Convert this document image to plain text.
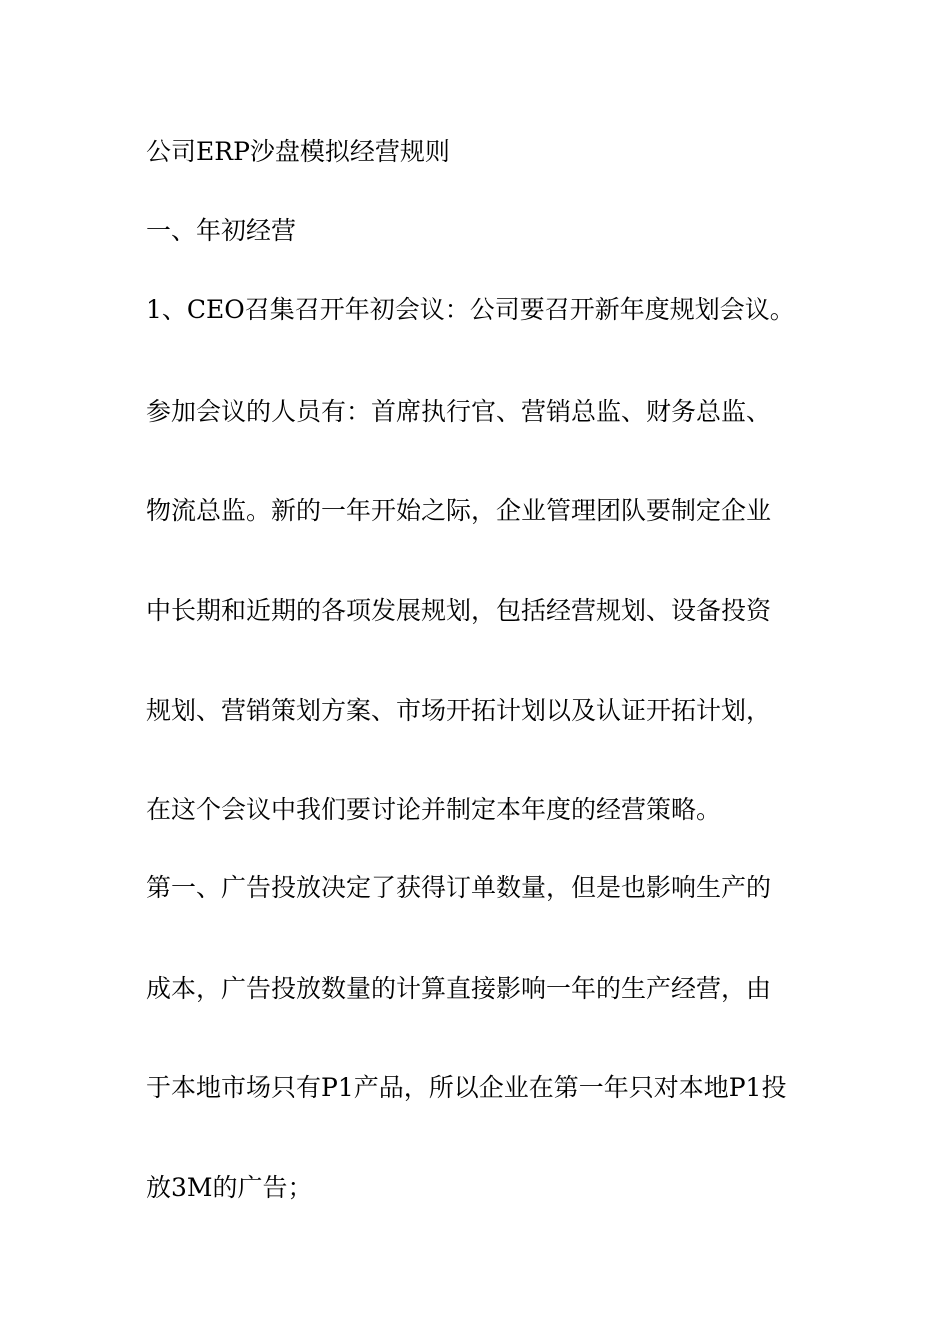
公司ERP沙盘模拟经营规则

一、年初经营

1、CEO召集召开年初会议：公司要召开新年度规划会议。

参加会议的人员有：首席执行官、营销总监、财务总监、

物流总监。新的一年开始之际，企业管理团队要制定企业

中长期和近期的各项发展规划，包括经营规划、设备投资

规划、营销策划方案、市场开拓计划以及认证开拓计划，

在这个会议中我们要讨论并制定本年度的经营策略。

第一、广告投放决定了获得订单数量，但是也影响生产的

成本，广告投放数量的计算直接影响一年的生产经营，由

于本地市场只有P1产品，所以企业在第一年只对本地P1投

放3M的广告；
